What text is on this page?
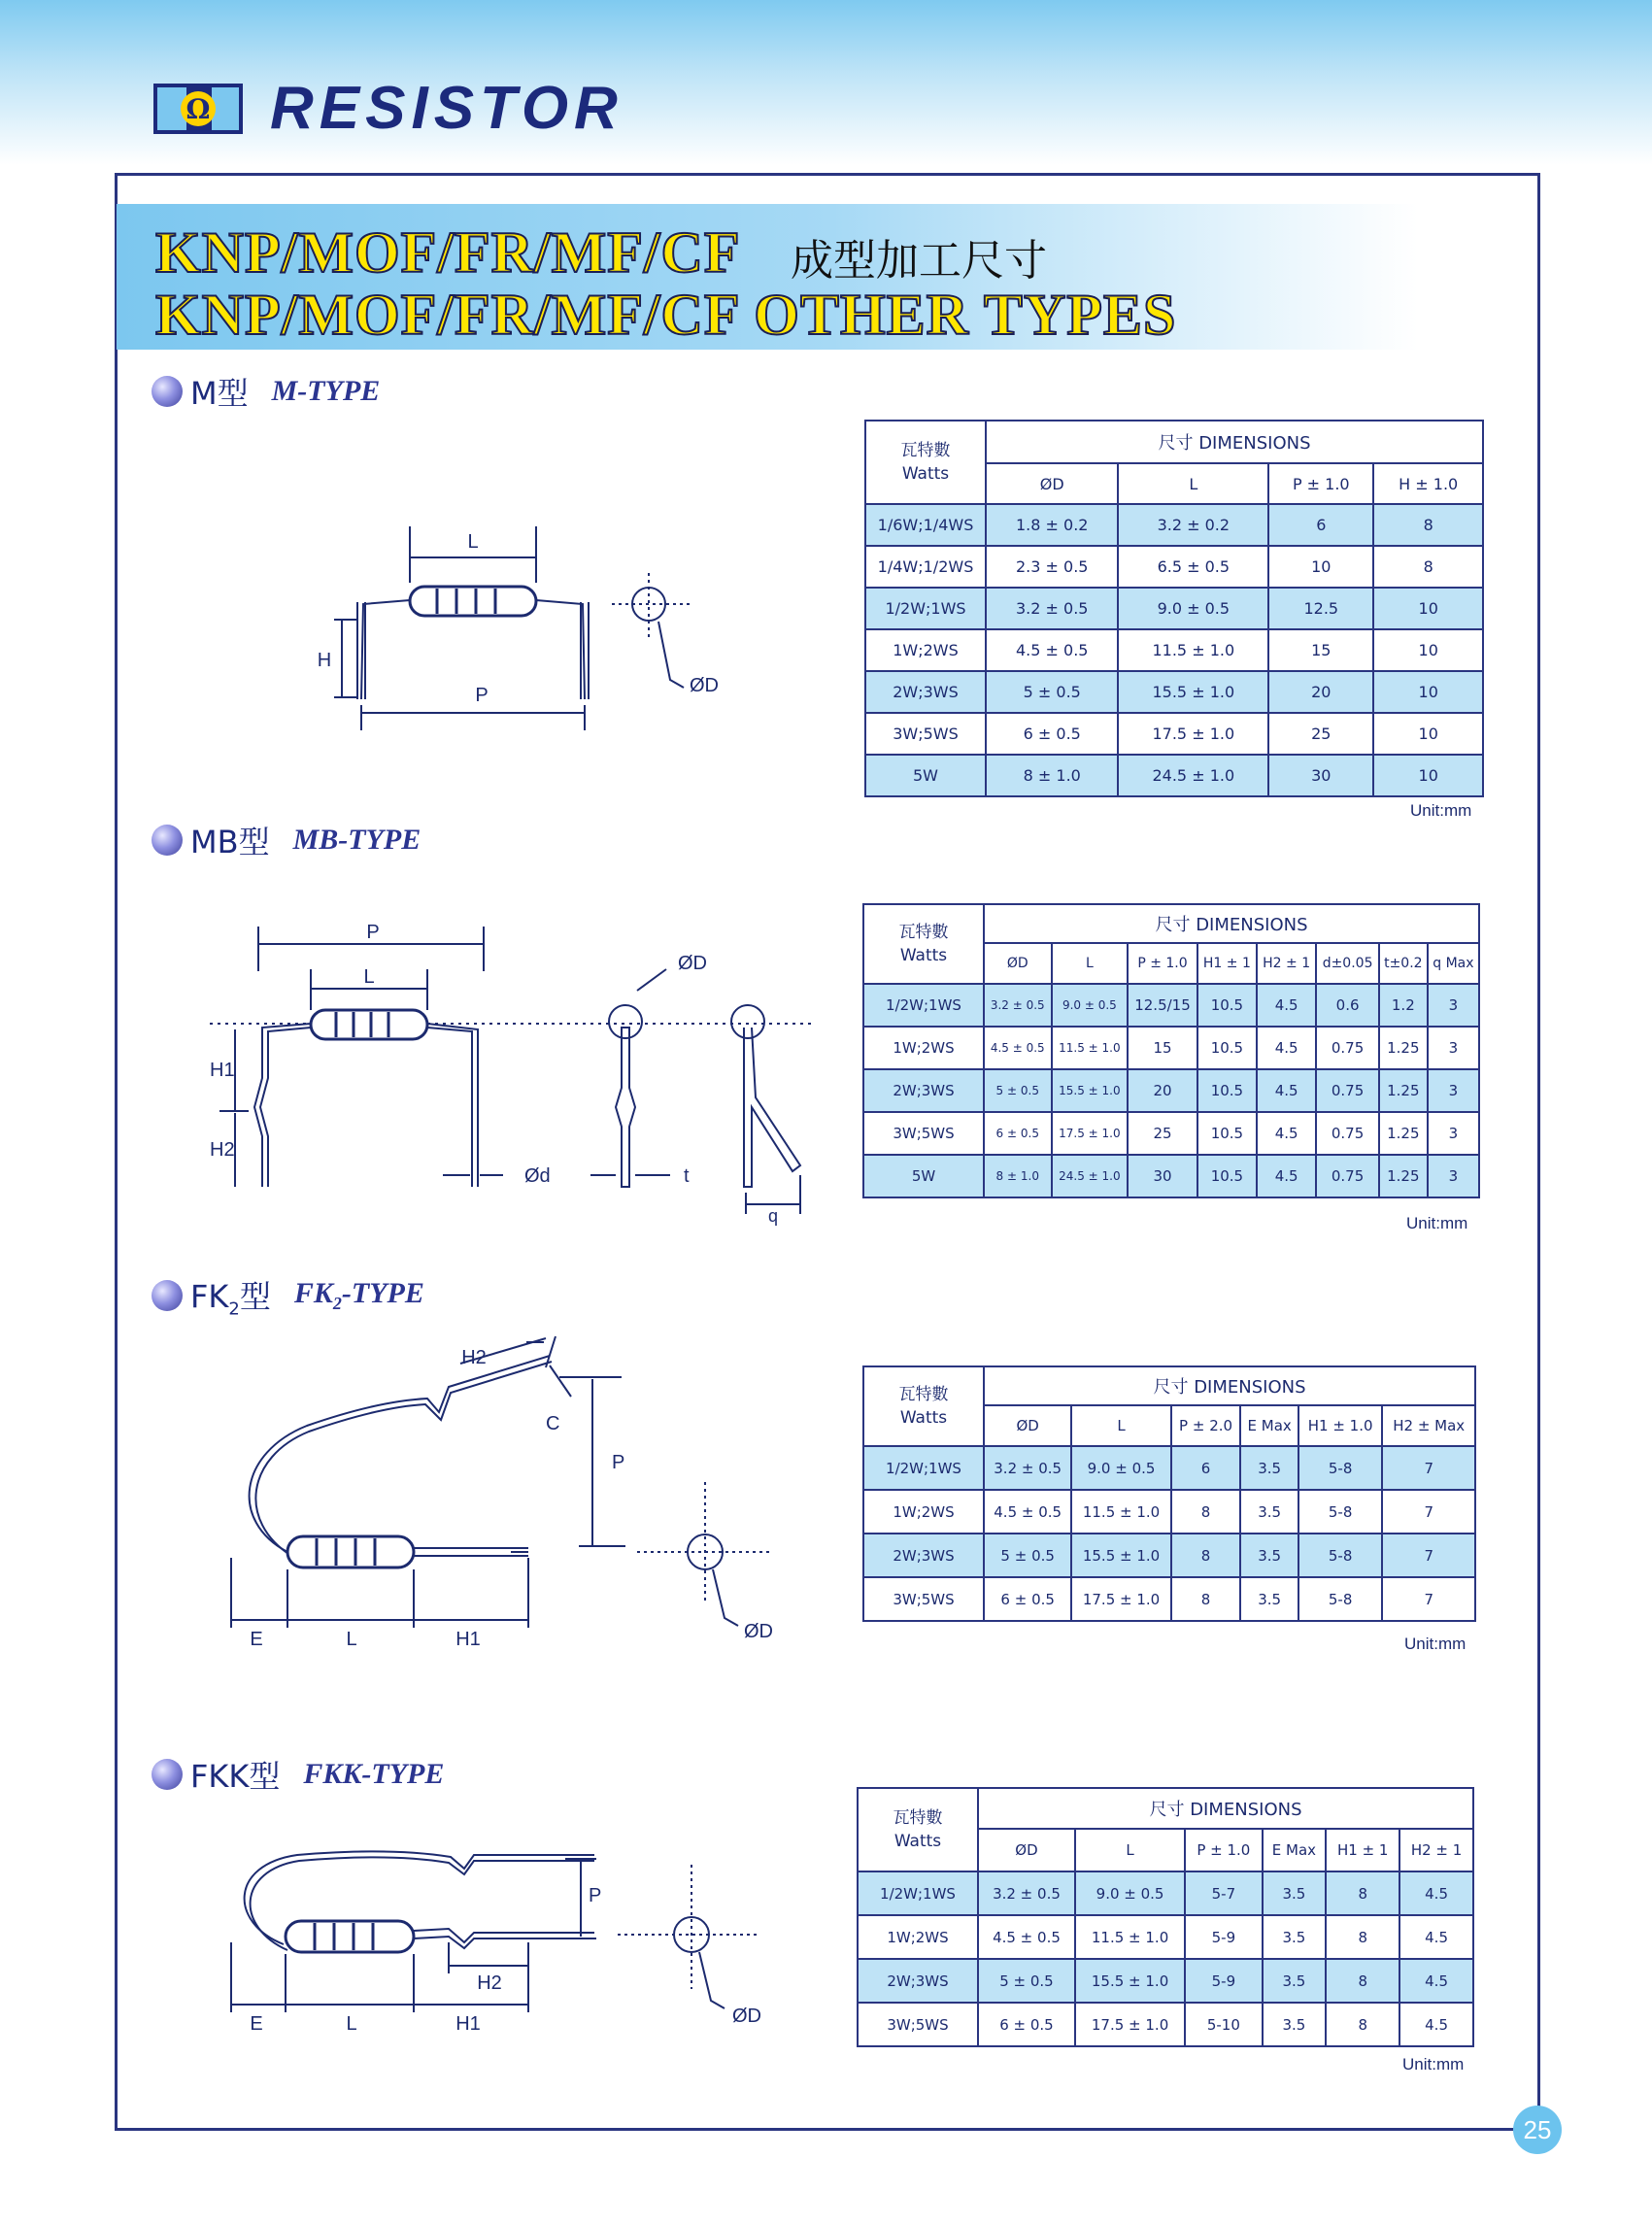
Ω RESISTOR
KNP/MOF/FR/MF/CF 成型加工尺寸
KNP/MOF/FR/MF/CF OTHER TYPES
M型 M-TYPE
L
H
P	ØD
瓦特數
Watts	尺寸 DIMENSIONS			
	ØD	L	P ± 1.0	H ± 1.0
1/6W;1/4WS	1.8 ± 0.2	3.2 ± 0.2	6	8
1/4W;1/2WS	2.3 ± 0.5	6.5 ± 0.5	10	8
1/2W;1WS	3.2 ± 0.5	9.0 ± 0.5	12.5	10
1W;2WS	4.5 ± 0.5	11.5 ± 1.0	15	10
2W;3WS	5 ± 0.5	15.5 ± 1.0	20	10
3W;5WS	6 ± 0.5	17.5 ± 1.0	25	10
5W	8 ± 1.0	24.5 ± 1.0	30	10
Unit:mm
MB型 MB-TYPE
P
L
H1
H2
Ød
ØD
t
q
瓦特數
Watts	尺寸 DIMENSIONS							
	ØD	L	P ± 1.0	H1 ± 1	H2 ± 1	d±0.05	t±0.2	q Max
1/2W;1WS	3.2 ± 0.5	9.0 ± 0.5	12.5/15	10.5	4.5	0.6	1.2	3
1W;2WS	4.5 ± 0.5	11.5 ± 1.0	15	10.5	4.5	0.75	1.25	3
2W;3WS	5 ± 0.5	15.5 ± 1.0	20	10.5	4.5	0.75	1.25	3
3W;5WS	6 ± 0.5	17.5 ± 1.0	25	10.5	4.5	0.75	1.25	3
5W	8 ± 1.0	24.5 ± 1.0	30	10.5	4.5	0.75	1.25	3
Unit:mm
$FK_2$型 $FK_2$-TYPE
H2
C
P
E	L	H1	ØD
瓦特數
Watts	尺寸 DIMENSIONS					
	ØD	L	P ± 2.0	E Max	H1 ± 1.0	H2 ± Max
1/2W;1WS	3.2 ± 0.5	9.0 ± 0.5	6	3.5	5-8	7
1W;2WS	4.5 ± 0.5	11.5 ± 1.0	8	3.5	5-8	7
2W;3WS	5 ± 0.5	15.5 ± 1.0	8	3.5	5-8	7
3W;5WS	6 ± 0.5	17.5 ± 1.0	8	3.5	5-8	7
Unit:mm
FKK型 FKK-TYPE
P
H2
E	L	H1	ØD
瓦特數
Watts	尺寸 DIMENSIONS					
	ØD	L	P ± 1.0	E Max	H1 ± 1	H2 ± 1
1/2W;1WS	3.2 ± 0.5	9.0 ± 0.5	5-7	3.5	8	4.5
1W;2WS	4.5 ± 0.5	11.5 ± 1.0	5-9	3.5	8	4.5
2W;3WS	5 ± 0.5	15.5 ± 1.0	5-9	3.5	8	4.5
3W;5WS	6 ± 0.5	17.5 ± 1.0	5-10	3.5	8	4.5
Unit:mm
25
